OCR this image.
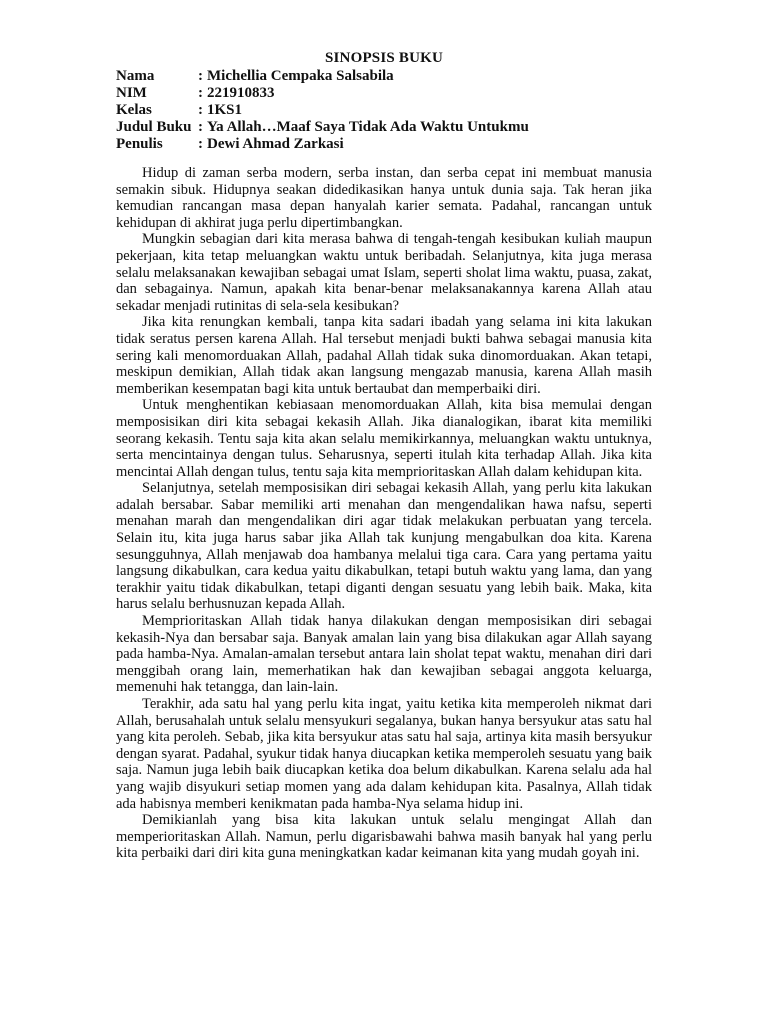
SINOPSIS BUKU
Nama	: Michellia Cempaka Salsabila
NIM	: 221910833
Kelas	: 1KS1
Judul Buku : Ya Allah…Maaf Saya Tidak Ada Waktu Untukmu
Penulis	: Dewi Ahmad Zarkasi

Hidup di zaman serba modern, serba instan, dan serba cepat ini membuat manusia semakin sibuk. Hidupnya seakan didedikasikan hanya untuk dunia saja. Tak heran jika kemudian rancangan masa depan hanyalah karier semata. Padahal, rancangan untuk kehidupan di akhirat juga perlu dipertimbangkan.

Mungkin sebagian dari kita merasa bahwa di tengah-tengah kesibukan kuliah maupun pekerjaan, kita tetap meluangkan waktu untuk beribadah. Selanjutnya, kita juga merasa selalu melaksanakan kewajiban sebagai umat Islam, seperti sholat lima waktu, puasa, zakat, dan sebagainya. Namun, apakah kita benar-benar melaksanakannya karena Allah atau sekadar menjadi rutinitas di sela-sela kesibukan?

Jika kita renungkan kembali, tanpa kita sadari ibadah yang selama ini kita lakukan tidak seratus persen karena Allah. Hal tersebut menjadi bukti bahwa sebagai manusia kita sering kali menomorduakan Allah, padahal Allah tidak suka dinomorduakan. Akan tetapi, meskipun demikian, Allah tidak akan langsung mengazab manusia, karena Allah masih memberikan kesempatan bagi kita untuk bertaubat dan memperbaiki diri.

Untuk menghentikan kebiasaan menomorduakan Allah, kita bisa memulai dengan memposisikan diri kita sebagai kekasih Allah. Jika dianalogikan, ibarat kita memiliki seorang kekasih. Tentu saja kita akan selalu memikirkannya, meluangkan waktu untuknya, serta mencintainya dengan tulus. Seharusnya, seperti itulah kita terhadap Allah. Jika kita mencintai Allah dengan tulus, tentu saja kita memprioritaskan Allah dalam kehidupan kita.

Selanjutnya, setelah memposisikan diri sebagai kekasih Allah, yang perlu kita lakukan adalah bersabar. Sabar memiliki arti menahan dan mengendalikan hawa nafsu, seperti menahan marah dan mengendalikan diri agar tidak melakukan perbuatan yang tercela. Selain itu, kita juga harus sabar jika Allah tak kunjung mengabulkan doa kita. Karena sesungguhnya, Allah menjawab doa hambanya melalui tiga cara. Cara yang pertama yaitu langsung dikabulkan, cara kedua yaitu dikabulkan, tetapi butuh waktu yang lama, dan yang terakhir yaitu tidak dikabulkan, tetapi diganti dengan sesuatu yang lebih baik. Maka, kita harus selalu berhusnuzan kepada Allah.

Memprioritaskan Allah tidak hanya dilakukan dengan memposisikan diri sebagai kekasih-Nya dan bersabar saja. Banyak amalan lain yang bisa dilakukan agar Allah sayang pada hamba-Nya. Amalan-amalan tersebut antara lain sholat tepat waktu, menahan diri dari menggibah orang lain, memerhatikan hak dan kewajiban sebagai anggota keluarga, memenuhi hak tetangga, dan lain-lain.

Terakhir, ada satu hal yang perlu kita ingat, yaitu ketika kita memperoleh nikmat dari Allah, berusahalah untuk selalu mensyukuri segalanya, bukan hanya bersyukur atas satu hal yang kita peroleh. Sebab, jika kita bersyukur atas satu hal saja, artinya kita masih bersyukur dengan syarat. Padahal, syukur tidak hanya diucapkan ketika memperoleh sesuatu yang baik saja. Namun juga lebih baik diucapkan ketika doa belum dikabulkan. Karena selalu ada hal yang wajib disyukuri setiap momen yang ada dalam kehidupan kita. Pasalnya, Allah tidak ada habisnya memberi kenikmatan pada hamba-Nya selama hidup ini.

Demikianlah yang bisa kita lakukan untuk selalu mengingat Allah dan memperioritaskan Allah. Namun, perlu digarisbawahi bahwa masih banyak hal yang perlu kita perbaiki dari diri kita guna meningkatkan kadar keimanan kita yang mudah goyah ini.
